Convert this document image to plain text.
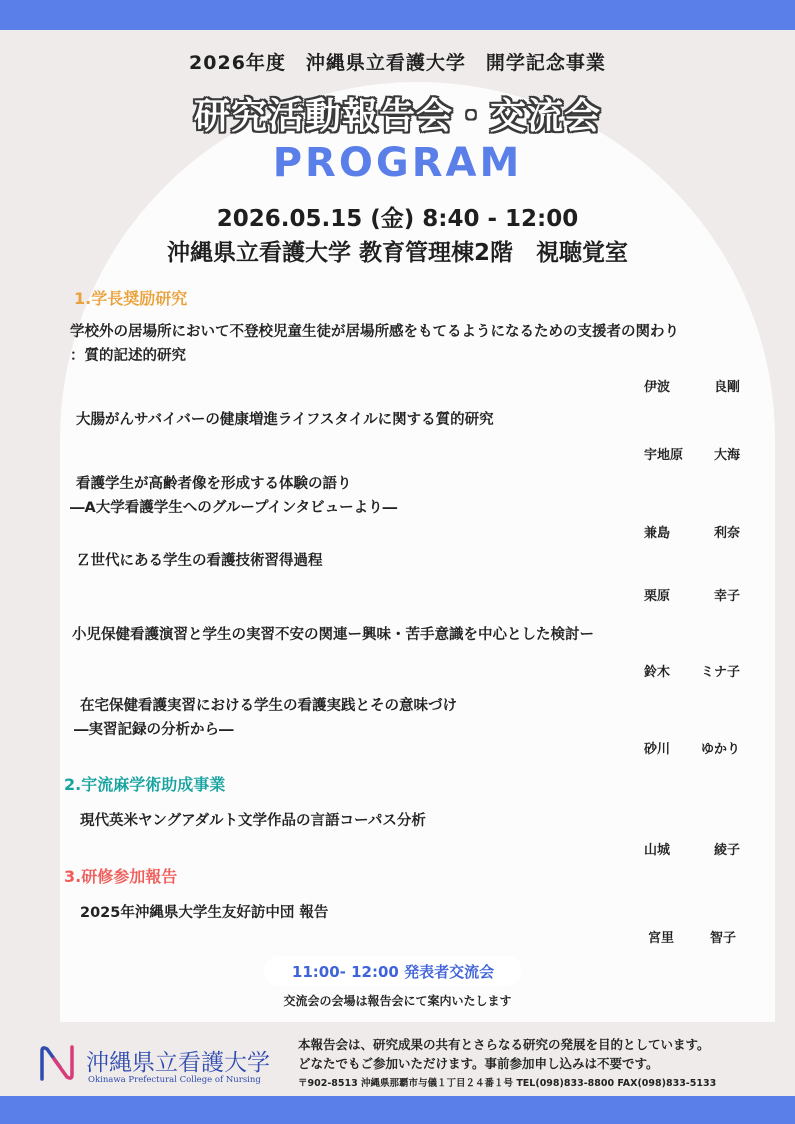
2026年度　沖縄県立看護大学　開学記念事業
研究活動報告会・交流会
PROGRAM
2026.05.15 (金) 8:40 - 12:00
沖縄県立看護大学 教育管理棟2階　視聴覚室
1.学長奨励研究
学校外の居場所において不登校児童生徒が居場所感をもてるようになるための支援者の関わり
：質的記述的研究
伊波	良剛
大腸がんサバイバーの健康増進ライフスタイルに関する質的研究
宇地原 大海
看護学生が高齢者像を形成する体験の語り
―A大学看護学生へのグループインタビューより―
兼島	利奈
Ｚ世代にある学生の看護技術習得過程
栗原	幸子
小児保健看護演習と学生の実習不安の関連ー興味・苦手意識を中心とした検討ー
鈴木 ミナ子
在宅保健看護実習における学生の看護実践とその意味づけ
―実習記録の分析から―
砂川 ゆかり
2.宇流麻学術助成事業
現代英米ヤングアダルト文学作品の言語コーパス分析
山城	綾子
3.研修参加報告
2025年沖縄県大学生友好訪中団 報告
宮里	智子
11:00- 12:00 発表者交流会
交流会の会場は報告会にて案内いたします
沖縄県立看護大学
Okinawa Prefectural College of Nursing
本報告会は、研究成果の共有とさらなる研究の発展を目的としています。
どなたでもご参加いただけます。事前参加申し込みは不要です。
〒902-8513 沖縄県那覇市与儀１丁目２４番１号 TEL(098)833-8800 FAX(098)833-5133
